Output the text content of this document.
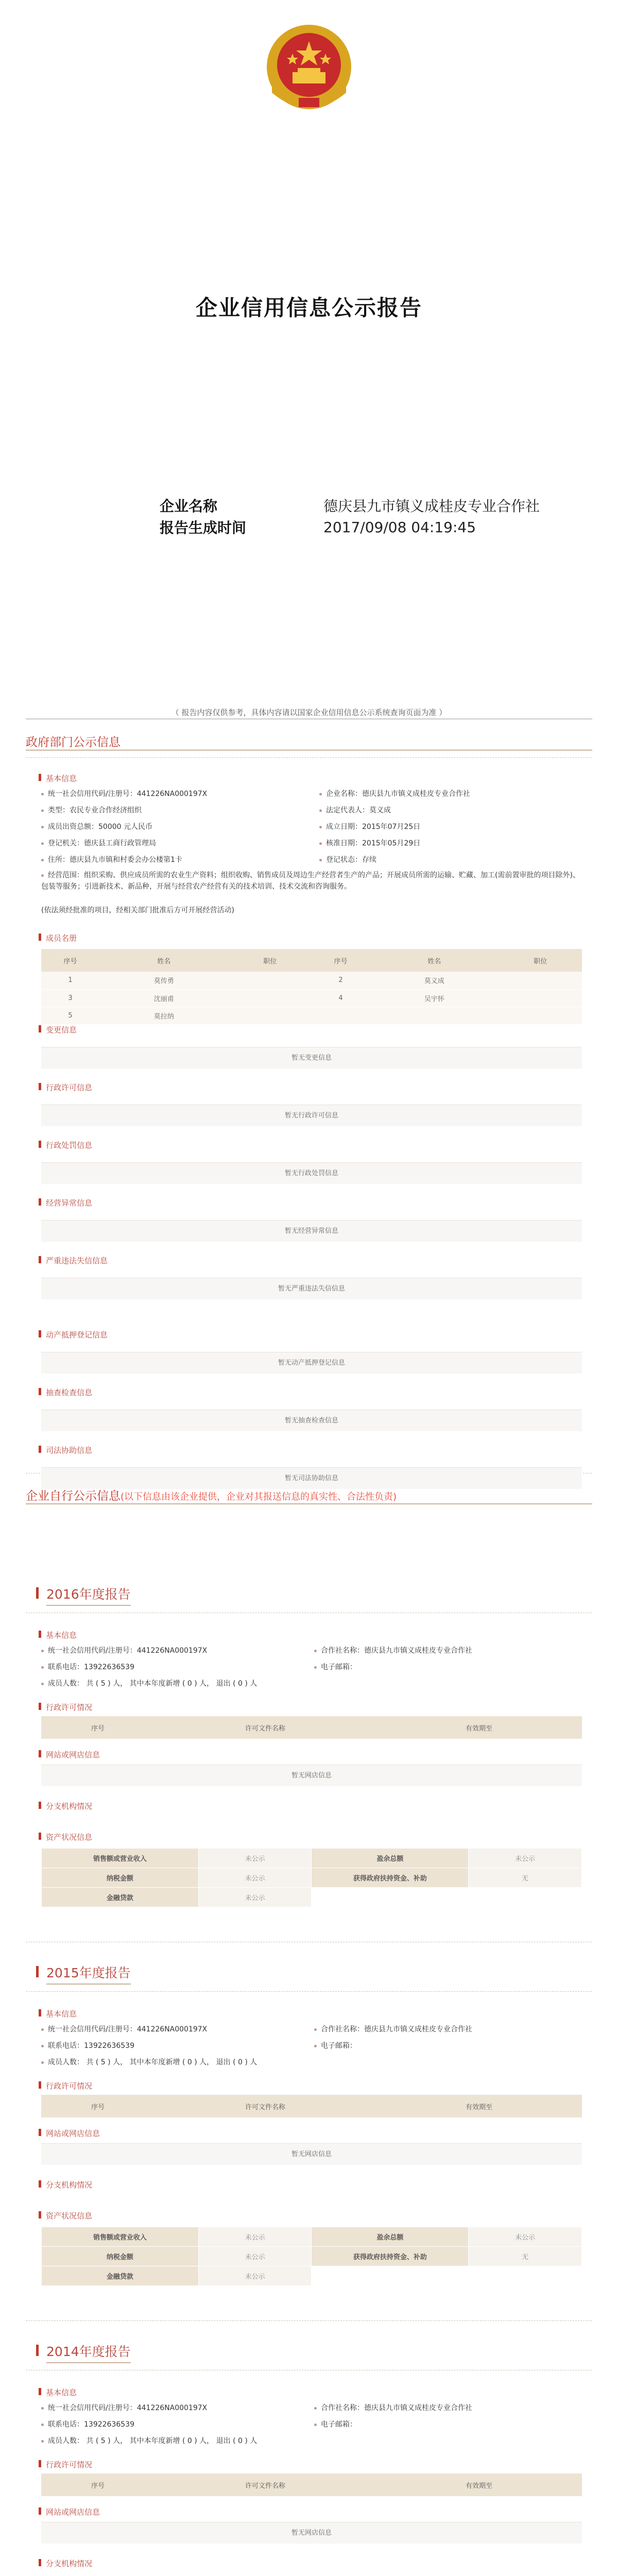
企业信用信息公示报告
企业名称	德庆县九市镇义成桂皮专业合作社
报告生成时间	2017/09/08 04:19:45
（ 报告内容仅供参考，具体内容请以国家企业信用信息公示系统查询页面为准 ）
政府部门公示信息
基本信息
统一社会信用代码/注册号：441226NA000197X	企业名称：德庆县九市镇义成桂皮专业合作社
类型：农民专业合作经济组织	法定代表人：莫义成
成员出资总额：50000 元人民币	成立日期：2015年07月25日
登记机关：德庆县工商行政管理局	核准日期：2015年05月29日
住所：德庆县九市镇和村委会办公楼第1卡	登记状态：存续
经营范围：组织采购、供应成员所需的农业生产资料；组织收购、销售成员及周边生产经营者生产的产品；开展成员所需的运输、贮藏、加工(需前置审批的项目除外)、包装等服务；引进新技术、新品种，开展与经营农产经营有关的技术培训、技术交流和咨询服务。
(依法须经批准的项目，经相关部门批准后方可开展经营活动)
成员名册
序号	姓名	职位	序号	姓名	职位
1	莫传勇		2	莫义成	
3	沈丽甫		4	吴宇怀	
5	莫拉纳				
变更信息
暂无变更信息
行政许可信息
暂无行政许可信息
行政处罚信息
暂无行政处罚信息
经营异常信息
暂无经营异常信息
严重违法失信信息
暂无严重违法失信信息
动产抵押登记信息
暂无动产抵押登记信息
抽查检查信息
暂无抽查检查信息
司法协助信息
暂无司法协助信息
企业自行公示信息(以下信息由该企业提供，企业对其报送信息的真实性、合法性负责)
2016年度报告
基本信息
统一社会信用代码/注册号：441226NA000197X	合作社名称：德庆县九市镇义成桂皮专业合作社
联系电话：13922636539	电子邮箱：
成员人数： 共 ( 5 ) 人， 其中本年度新增 ( 0 ) 人， 退出 ( 0 ) 人
行政许可情况
序号	许可文件名称	有效期至
网站或网店信息
暂无网店信息
分支机构情况
资产状况信息
销售额或营业收入	未公示	盈余总额	未公示
纳税金额	未公示	获得政府扶持资金、补助	无
金融贷款	未公示		
2015年度报告
基本信息
统一社会信用代码/注册号：441226NA000197X	合作社名称：德庆县九市镇义成桂皮专业合作社
联系电话：13922636539	电子邮箱：
成员人数： 共 ( 5 ) 人， 其中本年度新增 ( 0 ) 人， 退出 ( 0 ) 人
行政许可情况
序号	许可文件名称	有效期至
网站或网店信息
暂无网店信息
分支机构情况
资产状况信息
销售额或营业收入	未公示	盈余总额	未公示
纳税金额	未公示	获得政府扶持资金、补助	无
金融贷款	未公示		
2014年度报告
基本信息
统一社会信用代码/注册号：441226NA000197X	合作社名称：德庆县九市镇义成桂皮专业合作社
联系电话：13922636539	电子邮箱：
成员人数： 共 ( 5 ) 人， 其中本年度新增 ( 0 ) 人， 退出 ( 0 ) 人
行政许可情况
序号	许可文件名称	有效期至
网站或网店信息
暂无网店信息
分支机构情况
